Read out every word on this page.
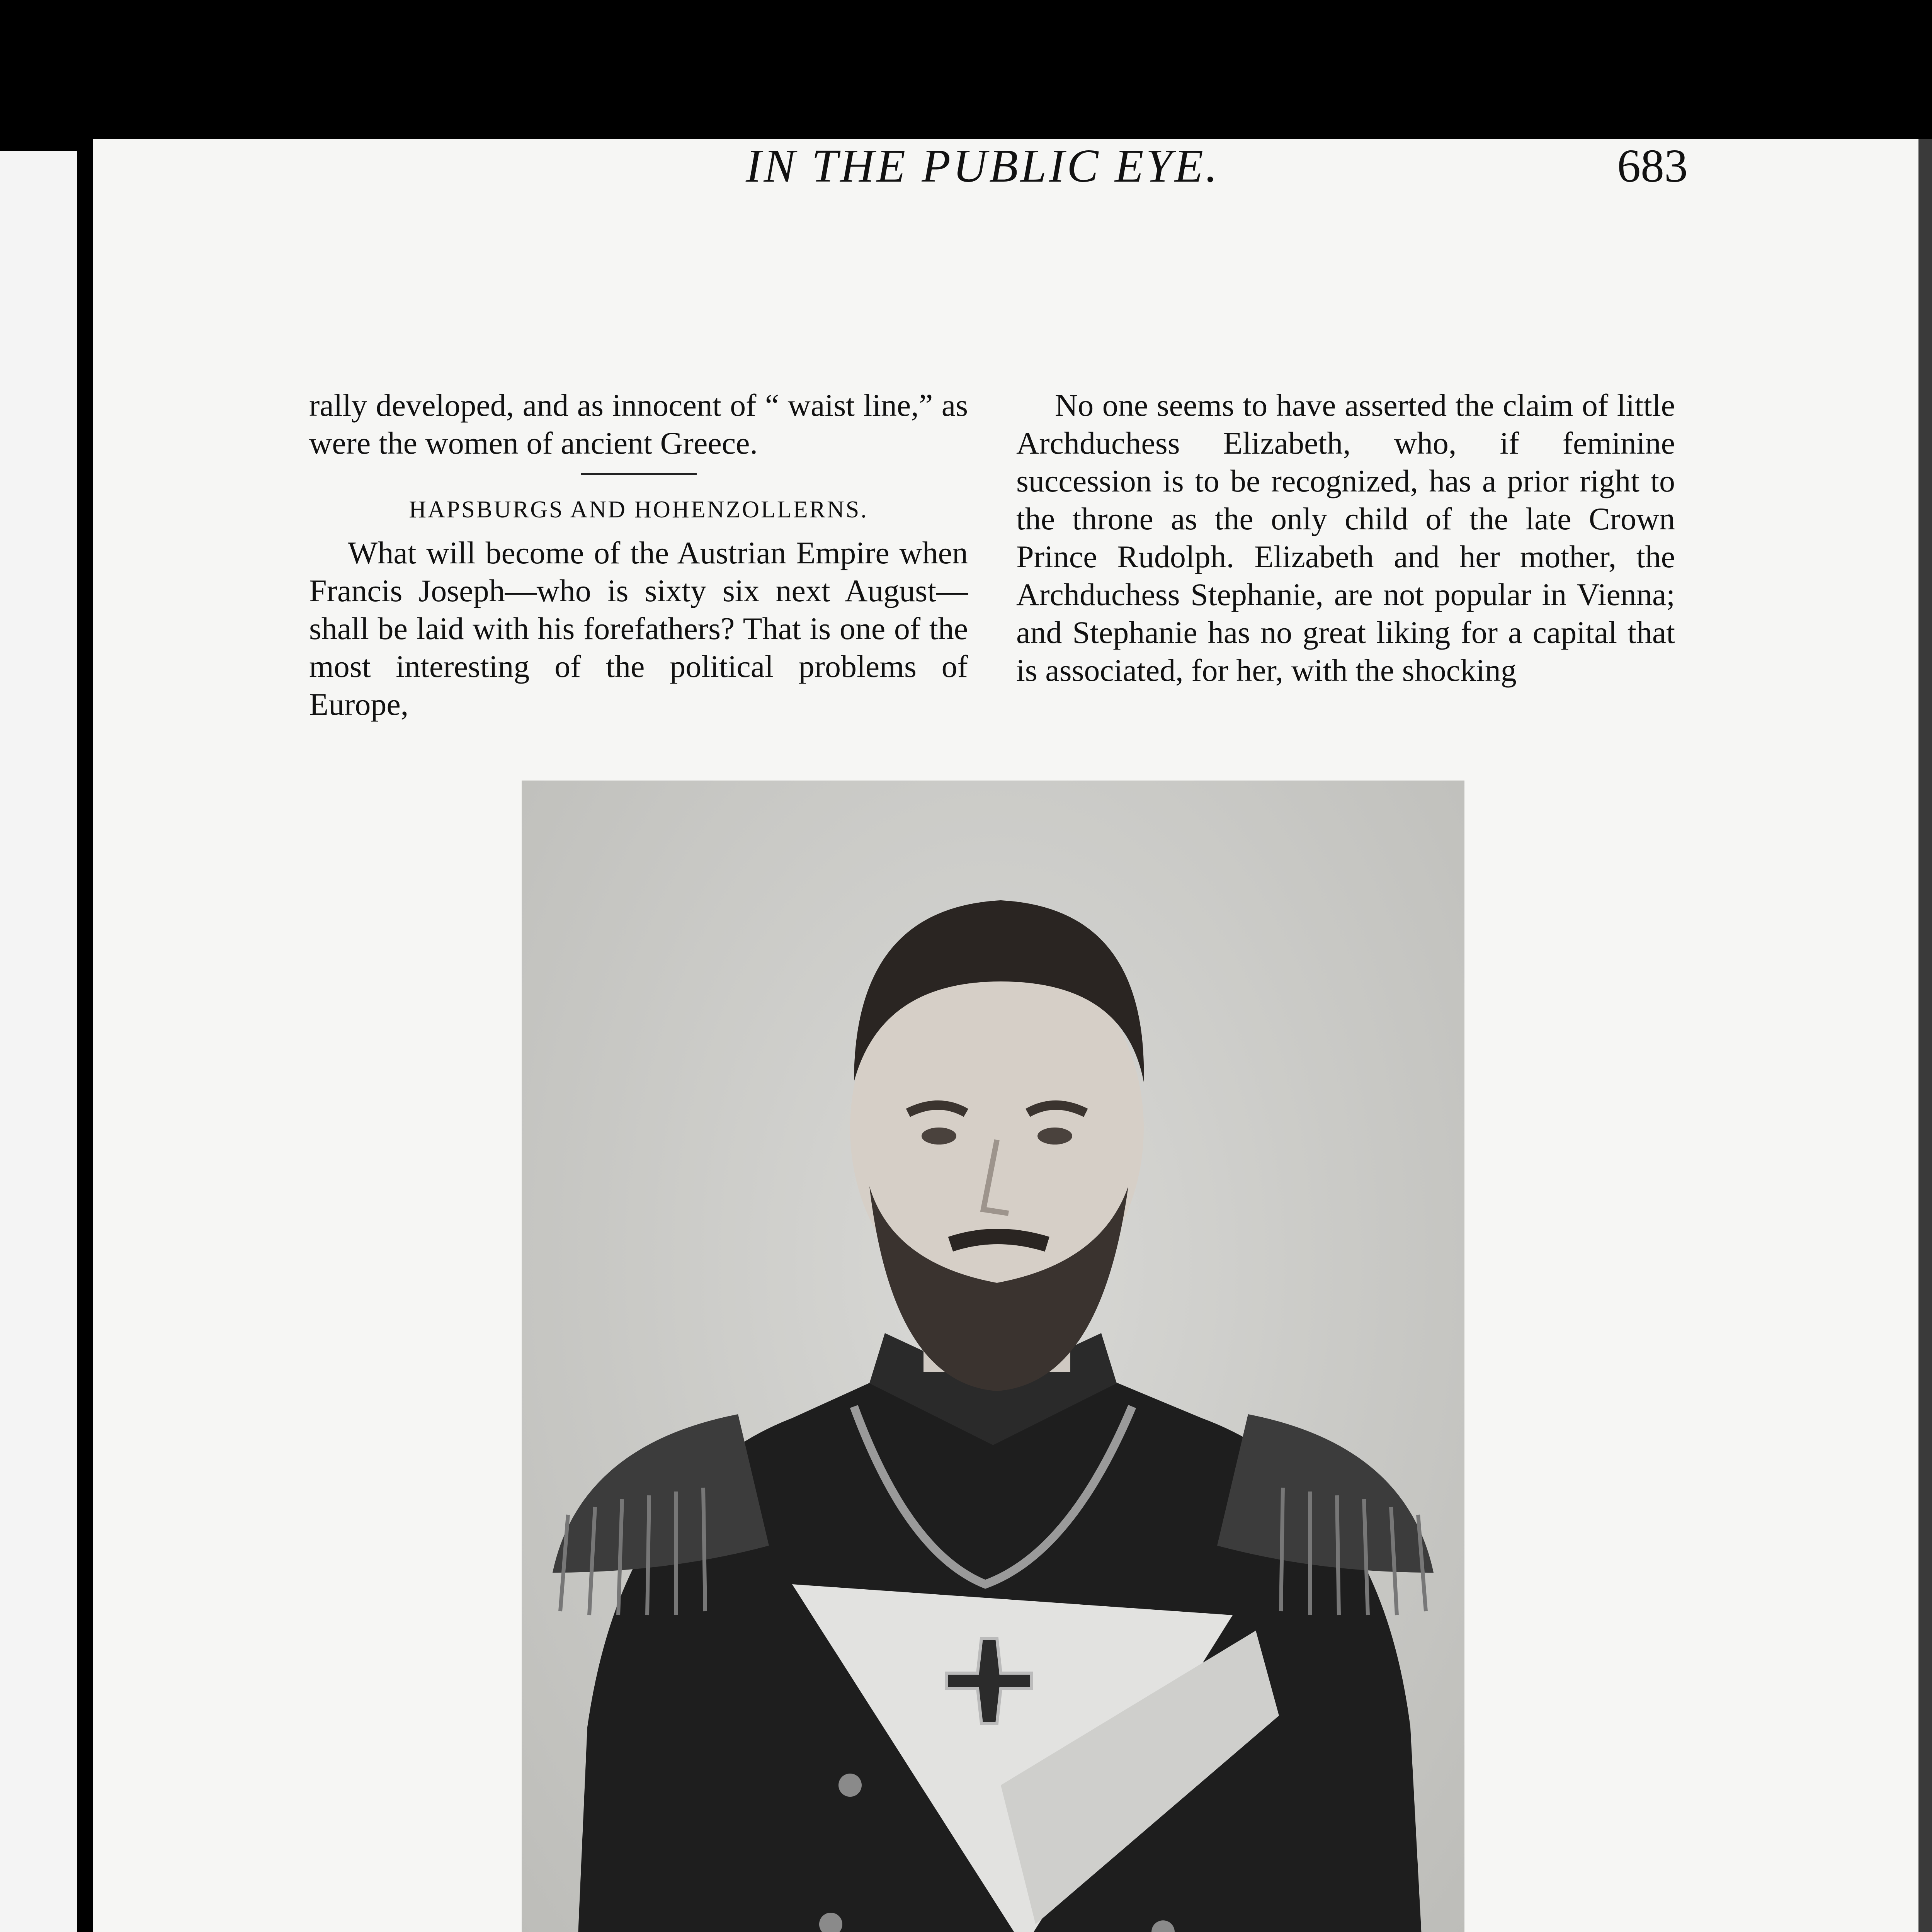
IN THE PUBLIC EYE.	683

rally developed, and as innocent of “ waist line,” as were the women of ancient Greece.

HAPSBURGS AND HOHENZOLLERNS.

What will become of the Austrian Empire when Francis Joseph—who is sixty six next August—shall be laid with his forefathers? That is one of the most interesting of the political problems of Europe,

No one seems to have asserted the claim of little Archduchess Elizabeth, who, if feminine succession is to be recognized, has a prior right to the throne as the only child of the late Crown Prince Rudolph. Elizabeth and her mother, the Archduchess Stephanie, are not popular in Vienna; and Stephanie has no great liking for a capital that is associated, for her, with the shocking
